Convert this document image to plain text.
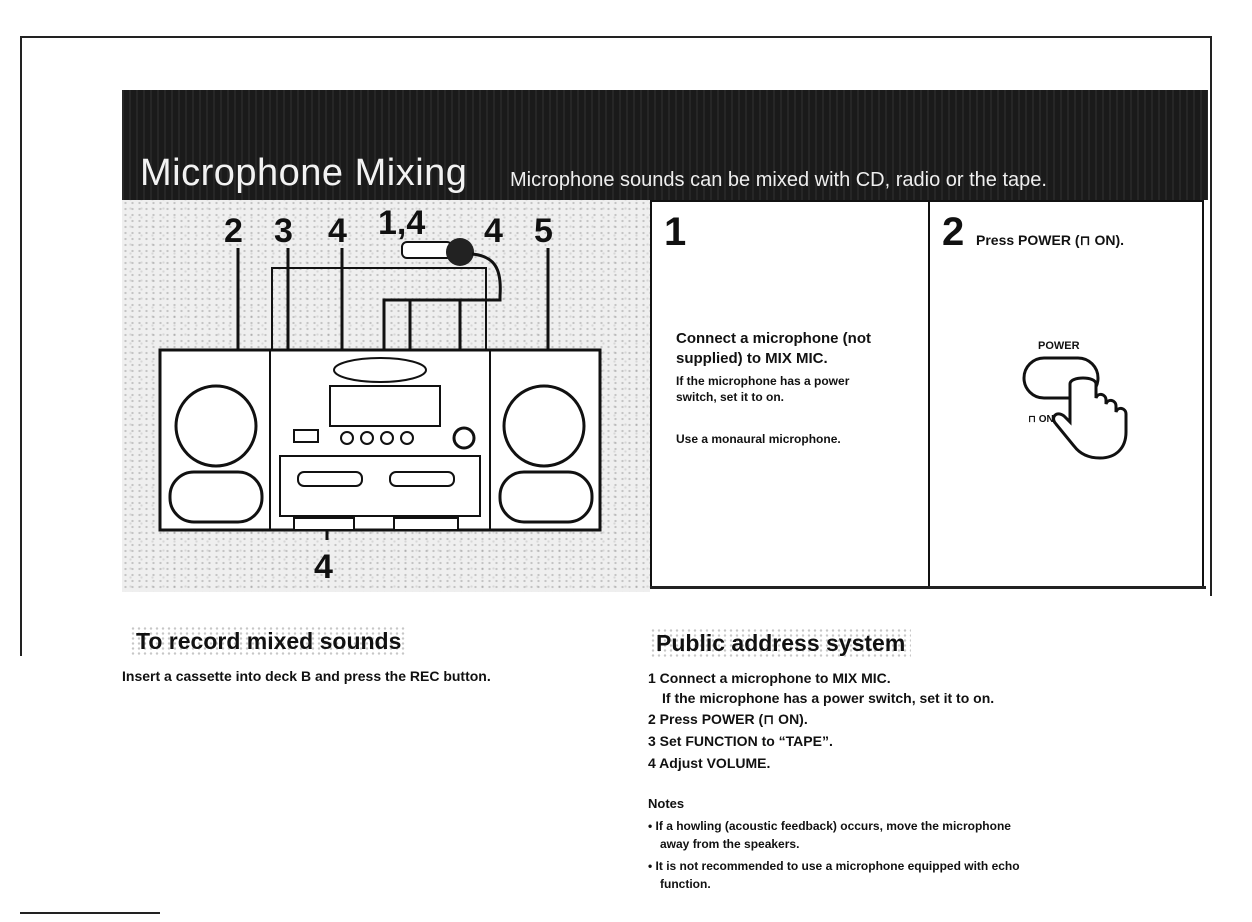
Microphone Mixing Microphone sounds can be mixed with CD, radio or the tape.
2 3 4 1,4 4 5
4
1
Connect a microphone (not
supplied) to MIX MIC.
If the microphone has a power
switch, set it to on.
Use a monaural microphone.
2 Press POWER (⊓ ON).
POWER
⊓ ON
To record mixed sounds
Insert a cassette into deck B and press the REC button.
Public address system
1 Connect a microphone to MIX MIC.
If the microphone has a power switch, set it to on.
2 Press POWER (⊓ ON).
3 Set FUNCTION to “TAPE”.
4 Adjust VOLUME.
Notes
• If a howling (acoustic feedback) occurs, move the microphone
away from the speakers.
• It is not recommended to use a microphone equipped with echo
function.
